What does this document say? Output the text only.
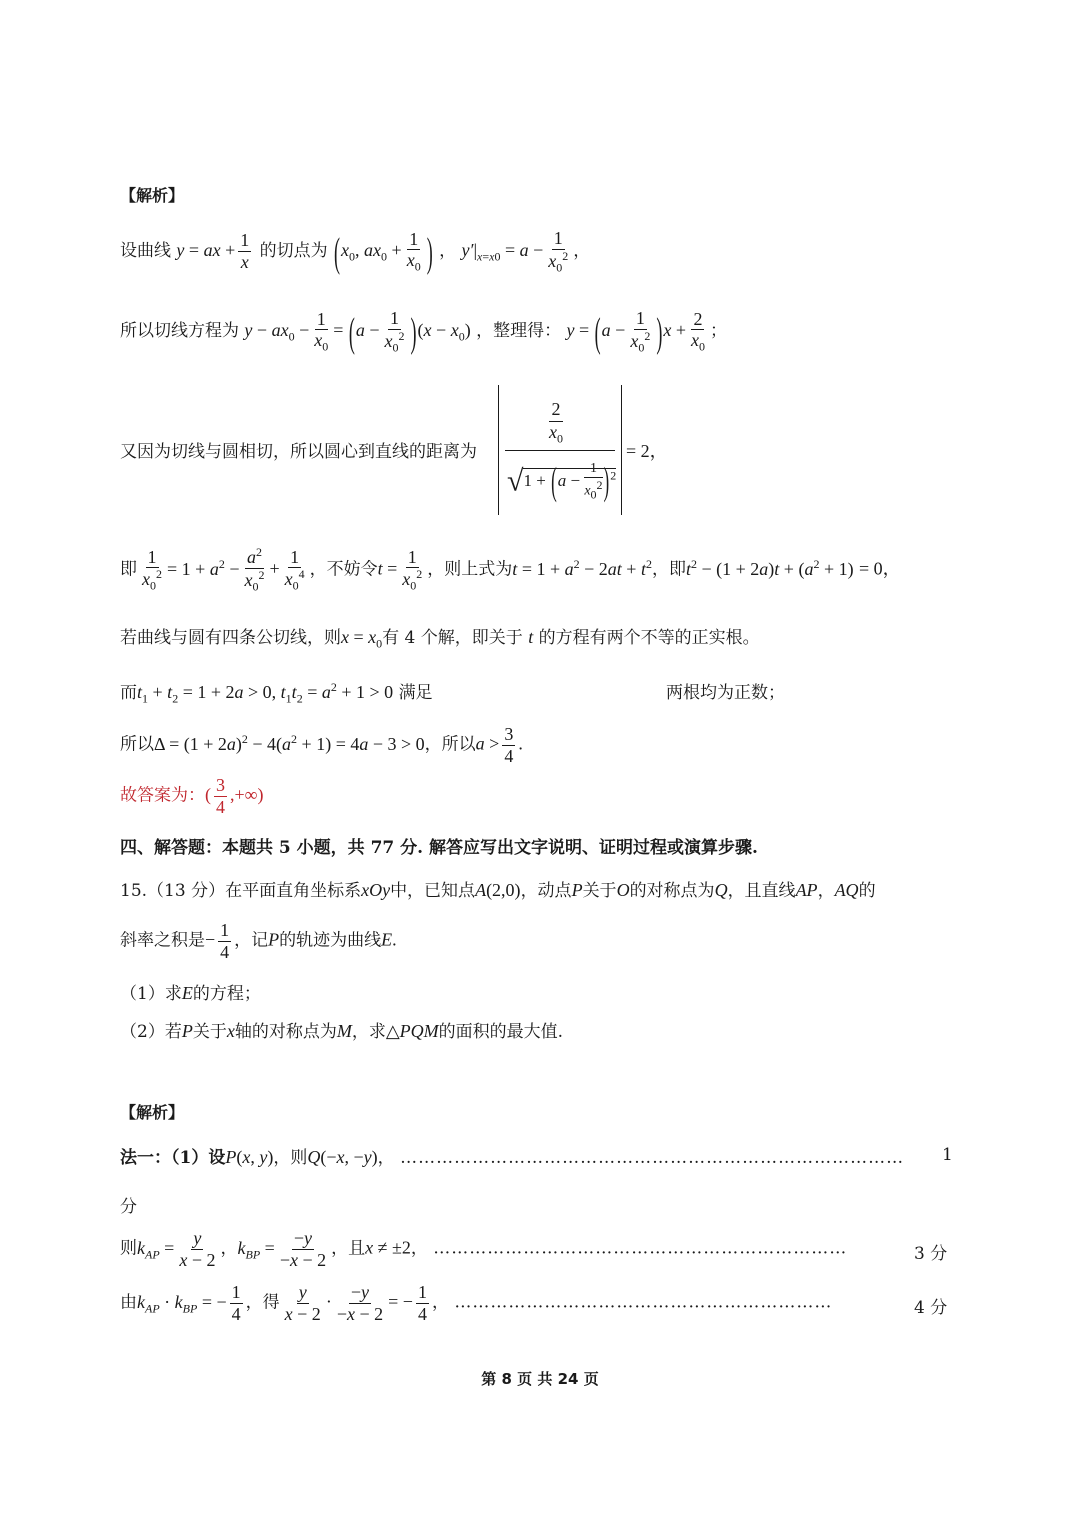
【解析】
设曲线 y = ax + $\frac{1}{x}$ 的切点为 ($x_0$, $ax_0 + \frac{1}{x_0}$ ) ， $y'|_{x=x0} = a - \frac{1}{x_0^2}$ ，
所以切线方程为 $y - ax_0 - \frac{1}{x_0} = (a - \frac{1}{x_0^2} )(x - x_0)$ ，整理得： $y = (a - \frac{1}{x_0^2} )x + \frac{2}{x_0}$ ；
又因为切线与圆相切，所以圆心到直线的距离为
2
$x_0$
$√1 + (a - \frac{1}{x_0^2} )^2$
= 2，
即 $\frac{1}{x_0^2} = 1 + a^2 - \frac{a^2}{x_0^2} + \frac{1}{x_0^4}$ ，不妨令$t = \frac{1}{x_0^2}$ ，则上式为$t = 1 + a^2 - 2at + t^2$，即$t^2 - (1 + 2a)t + (a^2 + 1) = 0$，
若曲线与圆有四条公切线，则$x = x_0$有 4 个解，即关于 t 的方程有两个不等的正实根。
而$t_1 + t_2 = 1 + 2a > 0$, $t_1t_2 = a^2 + 1 > 0$ 满足	两根均为正数；
所以$\Delta = (1 + 2a)^2 - 4(a^2 + 1) = 4a - 3 > 0$，所以$a > \frac{3}{4}$ .
故答案为：( $\frac{3}{4}$ ,+∞)
四、解答题：本题共 5 小题，共 77 分. 解答应写出文字说明、证明过程或演算步骤.
15.（13 分）在平面直角坐标系xOy中，已知点A(2,0)，动点P关于O的对称点为Q，且直线AP，AQ的
斜率之积是− $\frac{1}{4}$ ，记P的轨迹为曲线E.
（1）求E的方程；
（2）若P关于x轴的对称点为M，求△PQM的面积的最大值.
【解析】
法一：（1）设P(x, y)，则Q(−x, −y)， ………………………………………………………………………… 1
分
则$k_{AP} = \frac{y}{x - 2}$ ，$k_{BP} = \frac{-y}{-x - 2}$ ，且x ≠ ±2， ……………………………………………………………	3 分
由$k_{AP} \cdot k_{BP}$ = − $\frac{1}{4}$ ，得 $\frac{y}{x - 2} \cdot \frac{-y}{-x - 2}$ = − $\frac{1}{4}$ ， ………………………………………………………	4 分
第 8 页 共 24 页
